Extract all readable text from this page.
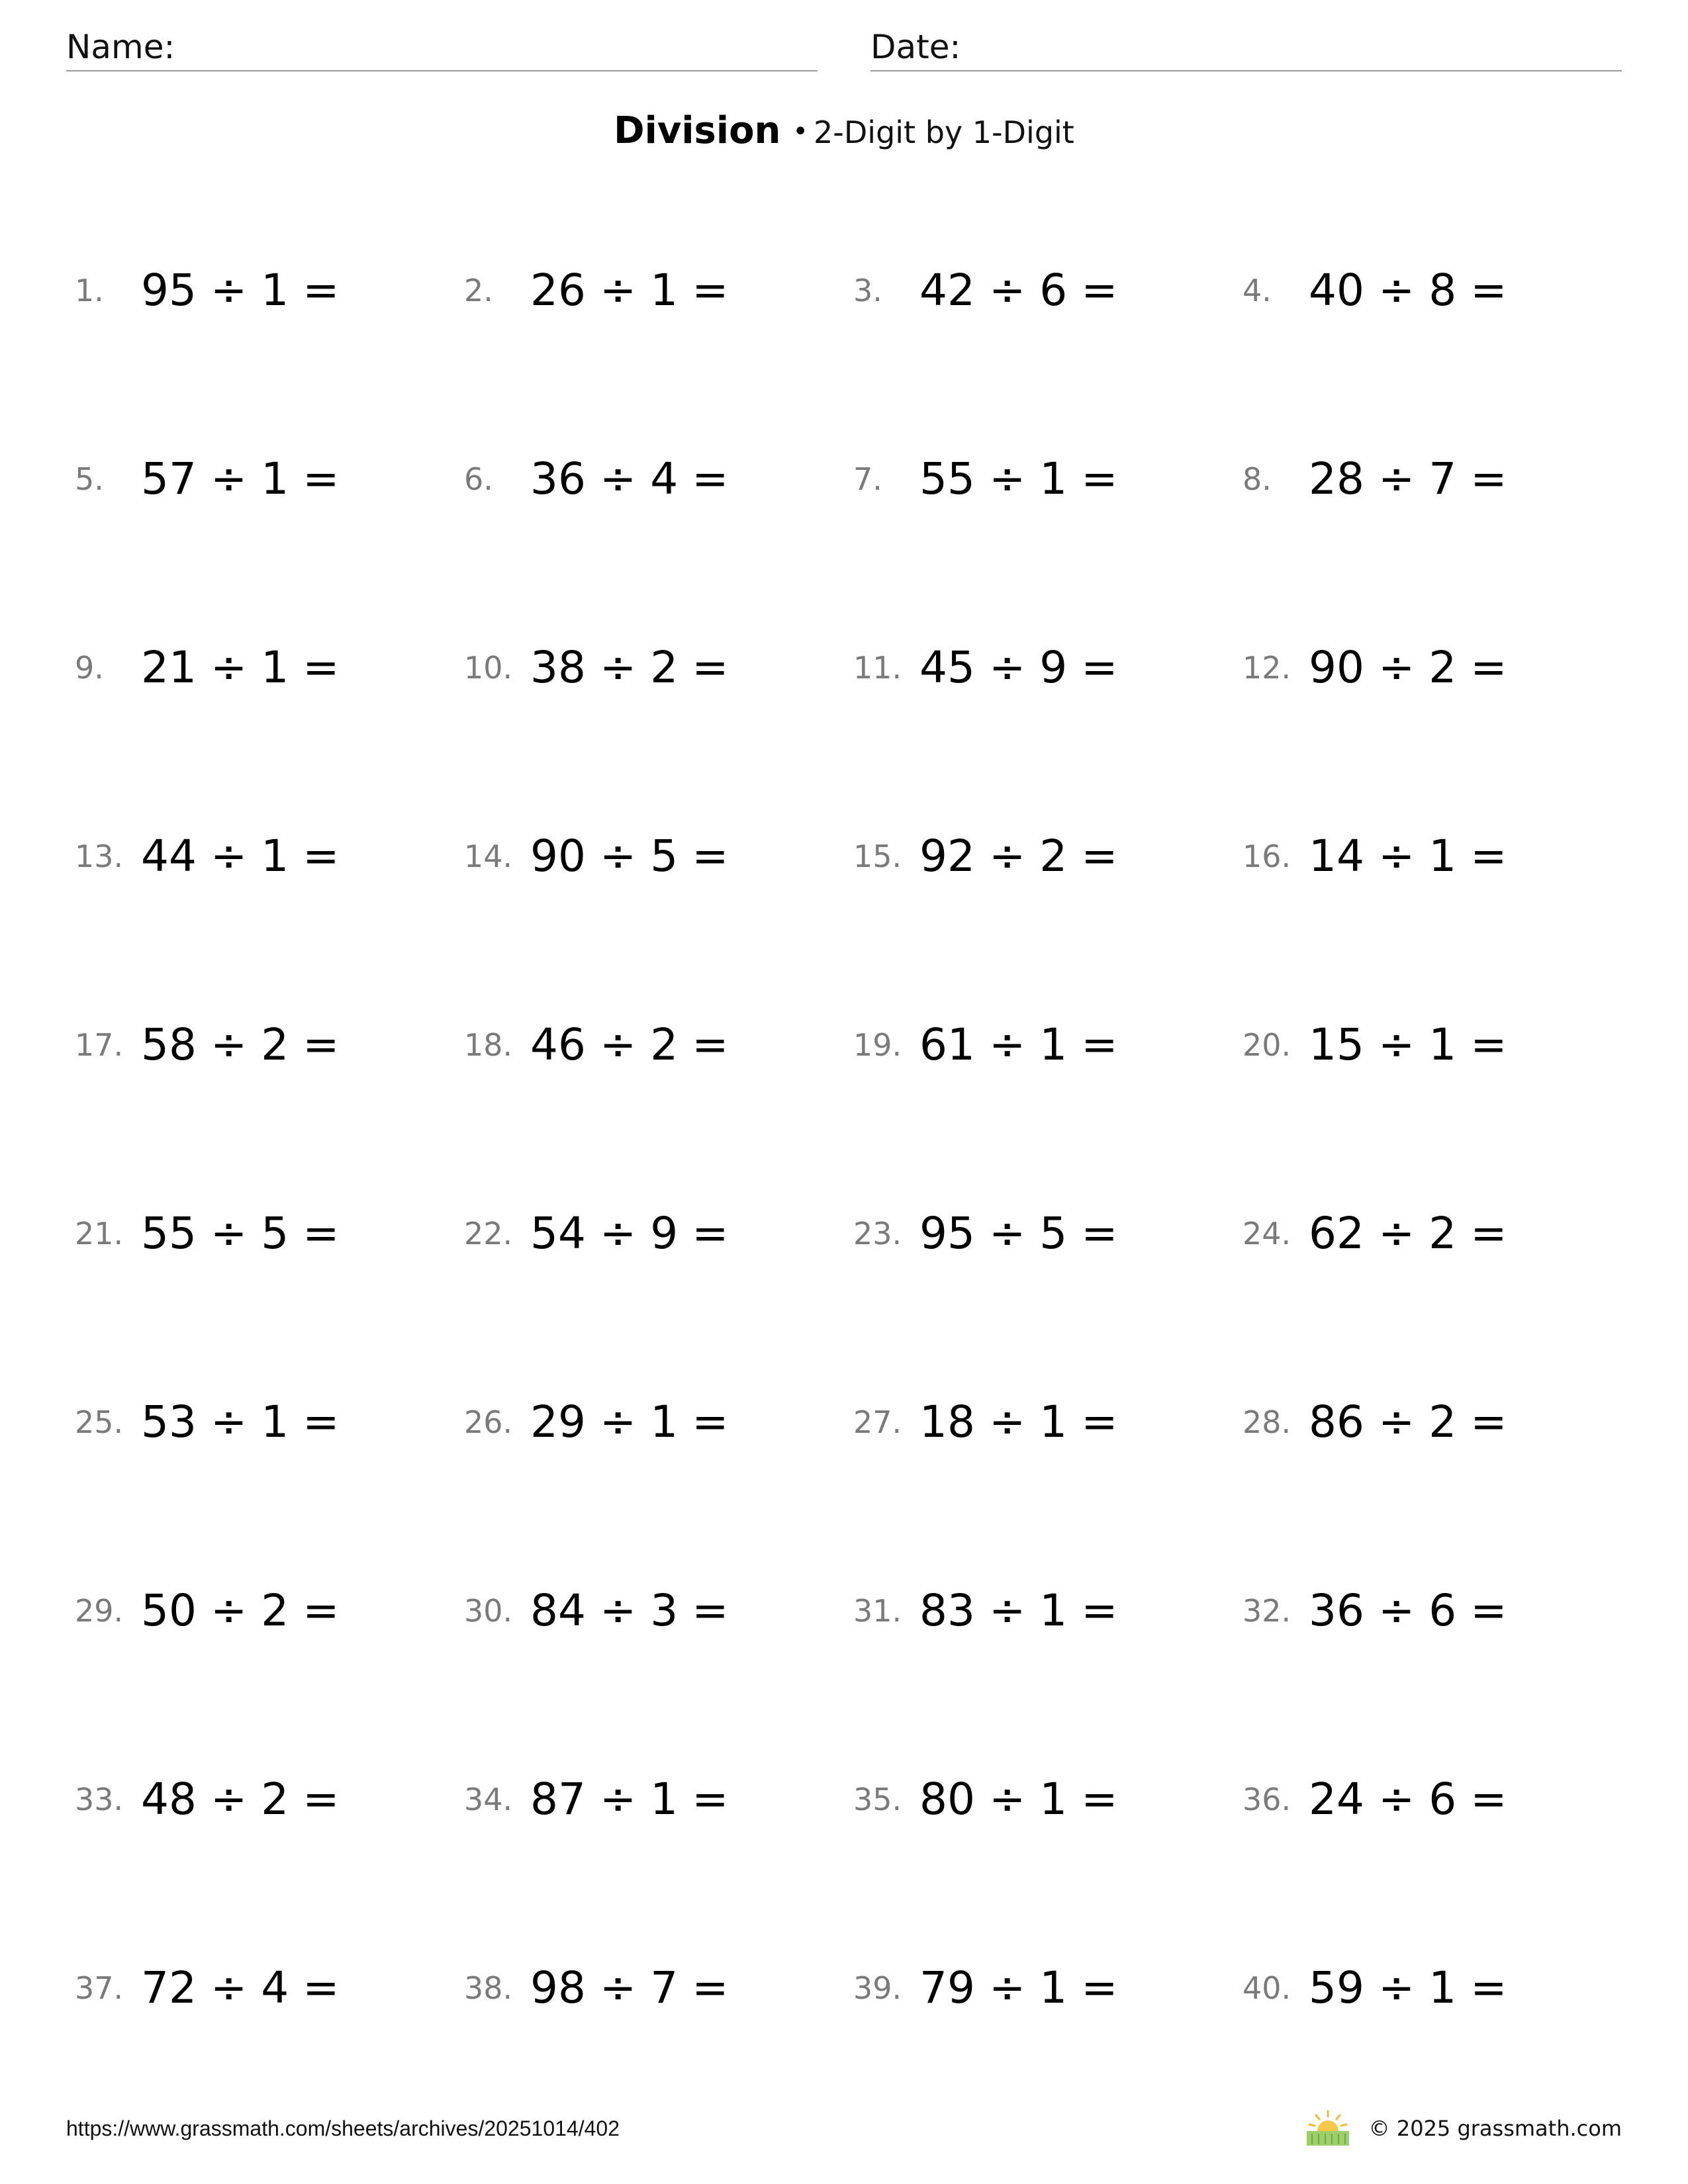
Name:	Date:
Division • 2-Digit by 1-Digit
1. 95 ÷ 1 =	2. 26 ÷ 1 =	3. 42 ÷ 6 =	4. 40 ÷ 8 =
5. 57 ÷ 1 =	6. 36 ÷ 4 =	7. 55 ÷ 1 =	8. 28 ÷ 7 =
9. 21 ÷ 1 =	10. 38 ÷ 2 =	11. 45 ÷ 9 =	12. 90 ÷ 2 =
13. 44 ÷ 1 =	14. 90 ÷ 5 =	15. 92 ÷ 2 =	16. 14 ÷ 1 =
17. 58 ÷ 2 =	18. 46 ÷ 2 =	19. 61 ÷ 1 =	20. 15 ÷ 1 =
21. 55 ÷ 5 =	22. 54 ÷ 9 =	23. 95 ÷ 5 =	24. 62 ÷ 2 =
25. 53 ÷ 1 =	26. 29 ÷ 1 =	27. 18 ÷ 1 =	28. 86 ÷ 2 =
29. 50 ÷ 2 =	30. 84 ÷ 3 =	31. 83 ÷ 1 =	32. 36 ÷ 6 =
33. 48 ÷ 2 =	34. 87 ÷ 1 =	35. 80 ÷ 1 =	36. 24 ÷ 6 =
37. 72 ÷ 4 =	38. 98 ÷ 7 =	39. 79 ÷ 1 =	40. 59 ÷ 1 =
https://www.grassmath.com/sheets/archives/20251014/402	© 2025 grassmath.com
